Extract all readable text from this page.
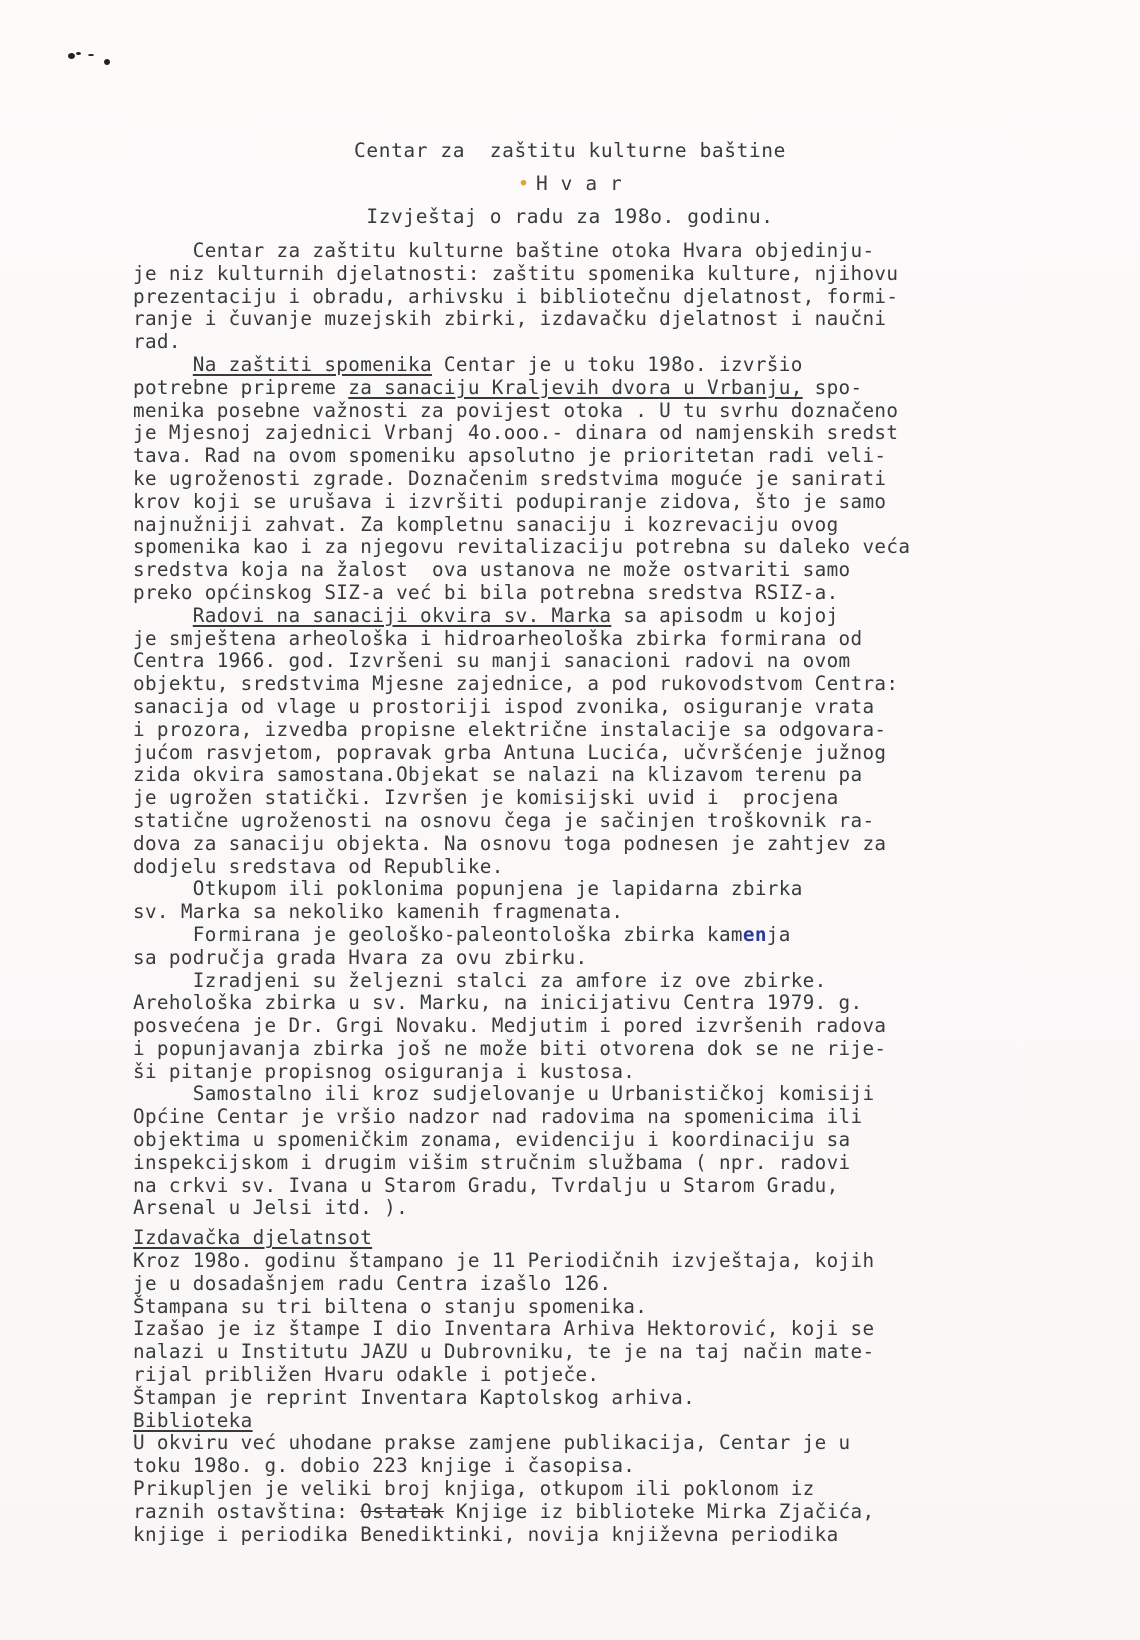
Centar za  zaštitu kulturne baštine
• H v a r
Izvještaj o radu za 198o. godinu.
Centar za zaštitu kulturne baštine otoka Hvara objedinju-
je niz kulturnih djelatnosti: zaštitu spomenika kulture, njihovu
prezentaciju i obradu, arhivsku i bibliotečnu djelatnost, formi-
ranje i čuvanje muzejskih zbirki, izdavačku djelatnost i naučni
rad.
Na zaštiti spomenika Centar je u toku 198o. izvršio
potrebne pripreme za sanaciju Kraljevih dvora u Vrbanju, spo-
menika posebne važnosti za povijest otoka . U tu svrhu doznačeno
je Mjesnoj zajednici Vrbanj 4o.ooo.- dinara od namjenskih sredst
tava. Rad na ovom spomeniku apsolutno je prioritetan radi veli-
ke ugroženosti zgrade. Doznačenim sredstvima moguće je sanirati
krov koji se urušava i izvršiti podupiranje zidova, što je samo
najnužniji zahvat. Za kompletnu sanaciju i kozrevaciju ovog
spomenika kao i za njegovu revitalizaciju potrebna su daleko veća
sredstva koja na žalost  ova ustanova ne može ostvariti samo
preko općinskog SIZ-a već bi bila potrebna sredstva RSIZ-a.
Radovi na sanaciji okvira sv. Marka sa apisodm u kojoj
je smještena arheološka i hidroarheološka zbirka formirana od
Centra 1966. god. Izvršeni su manji sanacioni radovi na ovom
objektu, sredstvima Mjesne zajednice, a pod rukovodstvom Centra:
sanacija od vlage u prostoriji ispod zvonika, osiguranje vrata
i prozora, izvedba propisne električne instalacije sa odgovara-
jućom rasvjetom, popravak grba Antuna Lucića, učvršćenje južnog
zida okvira samostana.Objekat se nalazi na klizavom terenu pa
je ugrožen statički. Izvršen je komisijski uvid i  procjena
statične ugroženosti na osnovu čega je sačinjen troškovnik ra-
dova za sanaciju objekta. Na osnovu toga podnesen je zahtjev za
dodjelu sredstava od Republike.
Otkupom ili poklonima popunjena je lapidarna zbirka
sv. Marka sa nekoliko kamenih fragmenata.
Formirana je geološko-paleontološka zbirka kamenja
sa područja grada Hvara za ovu zbirku.
Izradjeni su željezni stalci za amfore iz ove zbirke.
Arehološka zbirka u sv. Marku, na inicijativu Centra 1979. g.
posvećena je Dr. Grgi Novaku. Medjutim i pored izvršenih radova
i popunjavanja zbirka još ne može biti otvorena dok se ne rije-
ši pitanje propisnog osiguranja i kustosa.
Samostalno ili kroz sudjelovanje u Urbanističkoj komisiji
Općine Centar je vršio nadzor nad radovima na spomenicima ili
objektima u spomeničkim zonama, evidenciju i koordinaciju sa
inspekcijskom i drugim višim stručnim službama ( npr. radovi
na crkvi sv. Ivana u Starom Gradu, Tvrdalju u Starom Gradu,
Arsenal u Jelsi itd. ).
Izdavačka djelatnsot
Kroz 198o. godinu štampano je 11 Periodičnih izvještaja, kojih
je u dosadašnjem radu Centra izašlo 126.
Štampana su tri biltena o stanju spomenika.
Izašao je iz štampe I dio Inventara Arhiva Hektorović, koji se
nalazi u Institutu JAZU u Dubrovniku, te je na taj način mate-
rijal približen Hvaru odakle i potječe.
Štampan je reprint Inventara Kaptolskog arhiva.
Biblioteka
U okviru već uhodane prakse zamjene publikacija, Centar je u
toku 198o. g. dobio 223 knjige i časopisa.
Prikupljen je veliki broj knjiga, otkupom ili poklonom iz
raznih ostavština: Ostatak Knjige iz biblioteke Mirka Zjačića,
knjige i periodika Benediktinki, novija književna periodika
